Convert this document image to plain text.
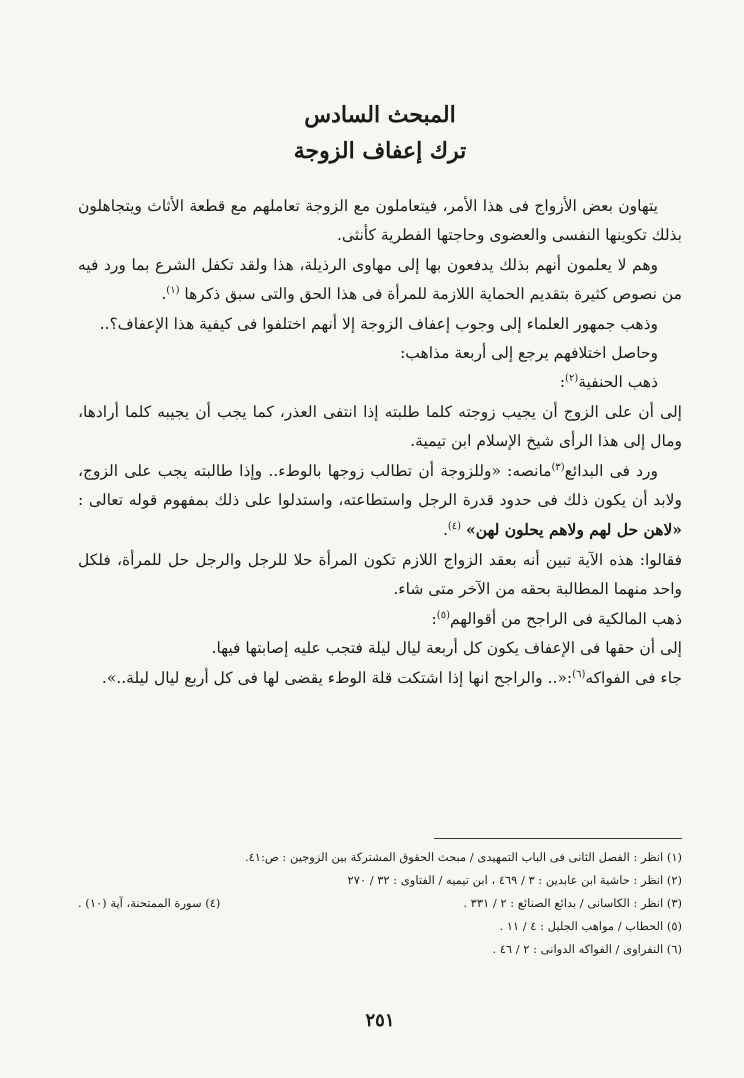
المبحث السادس
ترك إعفاف الزوجة

يتهاون بعض الأزواج فى هذا الأمر، فيتعاملون مع الزوجة تعاملهم مع قطعة الأثاث ويتجاهلون بذلك تكوينها النفسى والعضوى وحاجتها الفطرية كأنثى.

وهم لا يعلمون أنهم بذلك يدفعون بها إلى مهاوى الرذيلة، هذا ولقد تكفل الشرع بما ورد فيه من نصوص كثيرة بتقديم الحماية اللازمة للمرأة فى هذا الحق والتى سبق ذكرها $^{(١)}$.

وذهب جمهور العلماء إلى وجوب إعفاف الزوجة إلا أنهم اختلفوا فى كيفية هذا الإعفاف؟..

وحاصل اختلافهم يرجع إلى أربعة مذاهب:

ذهب الحنفية$^{(٢)}$:

إلى أن على الزوج أن يجيب زوجته كلما طلبته إذا انتفى العذر، كما يجب أن يجيبه كلما أرادها، ومال إلى هذا الرأى شيخ الإسلام ابن تيمية.

ورد فى البدائع$^{(٣)}$مانصه: «وللزوجة أن تطالب زوجها بالوطء.. وإذا طالبته يجب على الزوج، ولابد أن يكون ذلك فى حدود قدرة الرجل واستطاعته، واستدلوا على ذلك بمفهوم قوله تعالى : «لاهن حل لهم ولاهم يحلون لهن» $^{(٤)}$.

فقالوا: هذه الآية تبين أنه بعقد الزواج اللازم تكون المرأة حلا للرجل والرجل حل للمرأة، فلكل واحد منهما المطالبة بحقه من الآخر متى شاء.

ذهب المالكية فى الراجح من أقوالهم$^{(٥)}$:

إلى أن حقها فى الإعفاف يكون كل أربعة ليال ليلة فتجب عليه إصابتها فيها.

جاء فى الفواكه$^{(٦)}$:«.. والراجح انها إذا اشتكت قلة الوطء يقضى لها فى كل أربع ليال ليلة..».

(١) انظر : الفصل الثانى فى الباب التمهيدى / مبحث الحقوق المشتركة بين الزوجين : ص:٤١.
(٢) انظر : حاشية ابن عابدين : ٣ / ٤٦٩ ، ابن تيميه / الفتاوى : ٣٢ / ٢٧٠
(٣) انظر : الكاسانى / بدائع الصنائع : ٢ / ٣٣١ .
(٤) سورة الممتحنة، آية (١٠) .
(٥) الحطاب / مواهب الجليل : ٤ / ١١ .
(٦) النفراوى / الفواكه الدوانى : ٢ / ٤٦ .
٢٥١
